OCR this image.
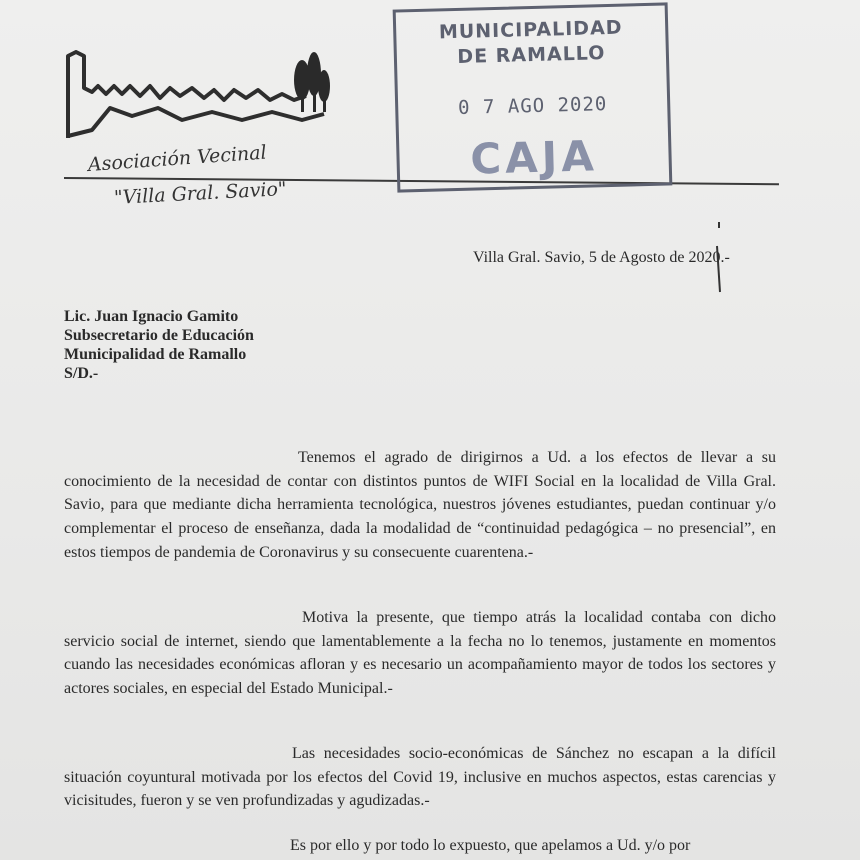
Asociación Vecinal

"Villa Gral. Savio"

MUNICIPALIDAD
DE RAMALLO
0 7 AGO 2020
CAJA

Villa Gral. Savio, 5 de Agosto de 2020.-

Lic. Juan Ignacio Gamito
Subsecretario de Educación
Municipalidad de Ramallo
S/D.-

Tenemos el agrado de dirigirnos a Ud. a los efectos de llevar a su conocimiento de la necesidad de contar con distintos puntos de WIFI Social en la localidad de Villa Gral. Savio, para que mediante dicha herramienta tecnológica, nuestros jóvenes estudiantes, puedan continuar y/o complementar el proceso de enseñanza, dada la modalidad de “continuidad pedagógica – no presencial”, en estos tiempos de pandemia de Coronavirus y su consecuente cuarentena.-

Motiva la presente, que tiempo atrás la localidad contaba con dicho servicio social de internet, siendo que lamentablemente a la fecha no lo tenemos, justamente en momentos cuando las necesidades económicas afloran y es necesario un acompañamiento mayor de todos los sectores y actores sociales, en especial del Estado Municipal.-

Las necesidades socio-económicas de Sánchez no escapan a la difícil situación coyuntural motivada por los efectos del Covid 19, inclusive en muchos aspectos, estas carencias y vicisitudes, fueron y se ven profundizadas y agudizadas.-

Es por ello y por todo lo expuesto, que apelamos a Ud. y/o por
